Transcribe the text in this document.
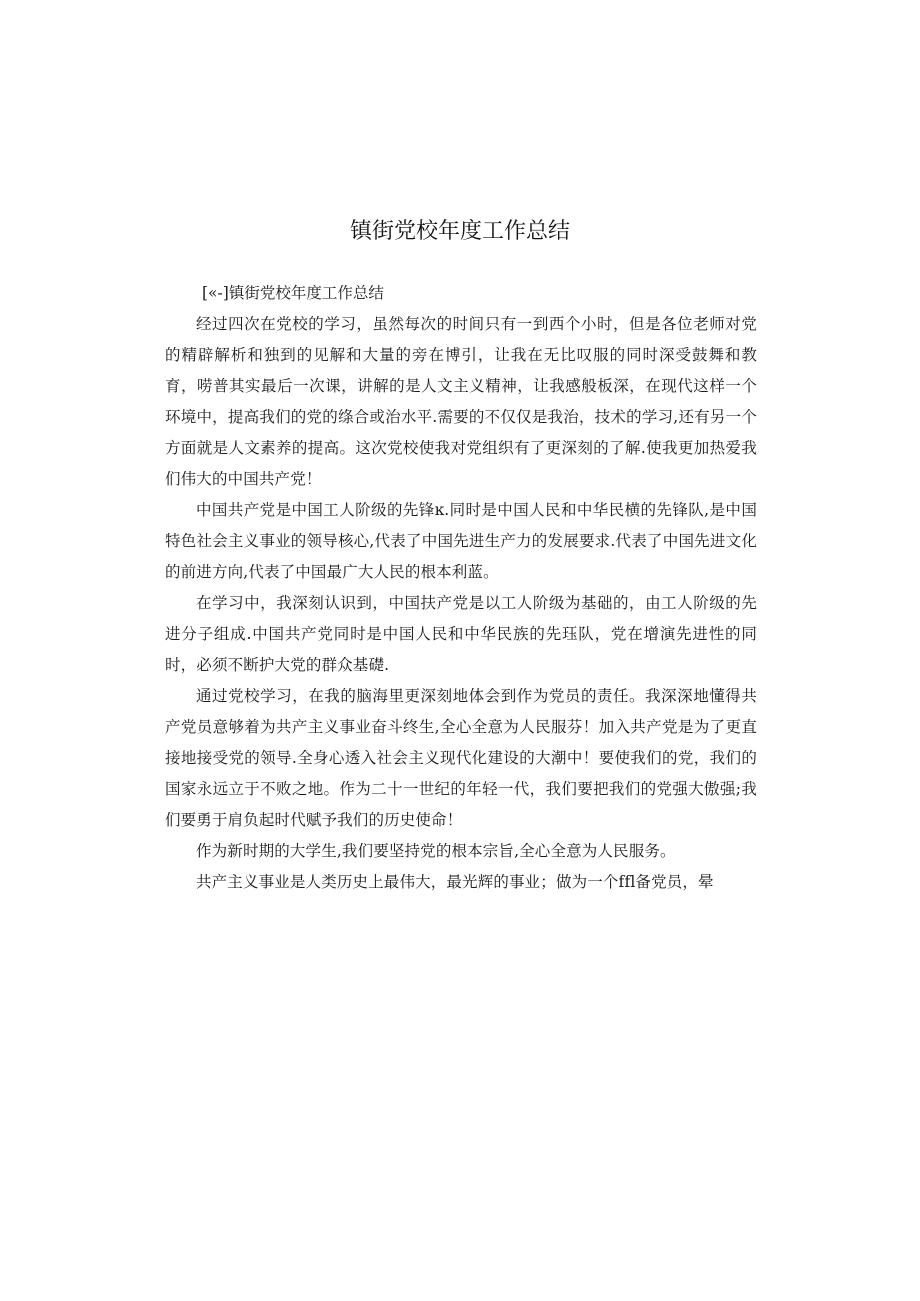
镇街党校年度工作总结
[«-]镇街党校年度工作总结

经过四次在党校的学习，虽然每次的时间只有一到西个小时，但是各位老师对党的精辟解析和独到的见解和大量的旁在博引，让我在无比叹服的同时深受鼓舞和教育，唠普其实最后一次课，讲解的是人文主义精神，让我感般板深，在现代这样一个环境中，提高我们的党的绦合或治水平.需要的不仅仅是我治，技术的学习,还有另一个方面就是人文素养的提高。这次党校使我对党组织有了更深刻的了解.使我更加热爱我们伟大的中国共产党！

中国共产党是中国工人阶级的先锋ĸ.同时是中国人民和中华民横的先锋队,是中国特色社会主义事业的领导核心,代表了中国先进生产力的发展要求.代表了中国先进文化的前进方向,代表了中国最广大人民的根本利蓝。

在学习中，我深刻认识到，中国扶产党是以工人阶级为基础的，由工人阶级的先进分子组成.中国共产党同时是中国人民和中华民族的先珏队，党在增演先进性的同时，必须不断护大党的群众基礎.

通过党校学习，在我的脑海里更深刻地体会到作为党员的责任。我深深地懂得共产党员意够着为共产主义事业奋斗终生,全心全意为人民服芬！加入共产党是为了更直接地接受党的领导.全身心透入社会主义现代化建设的大潮中！要使我们的党，我们的国家永远立于不败之地。作为二十一世纪的年轻一代，我们要把我们的党强大傲强;我们要勇于肩负起时代赋予我们的历史使命！

作为新时期的大学生,我们要坚持党的根本宗旨,全心全意为人民服务。

共产主义事业是人类历史上最伟大，最光辉的事业；做为一个ffl备党员，晕
